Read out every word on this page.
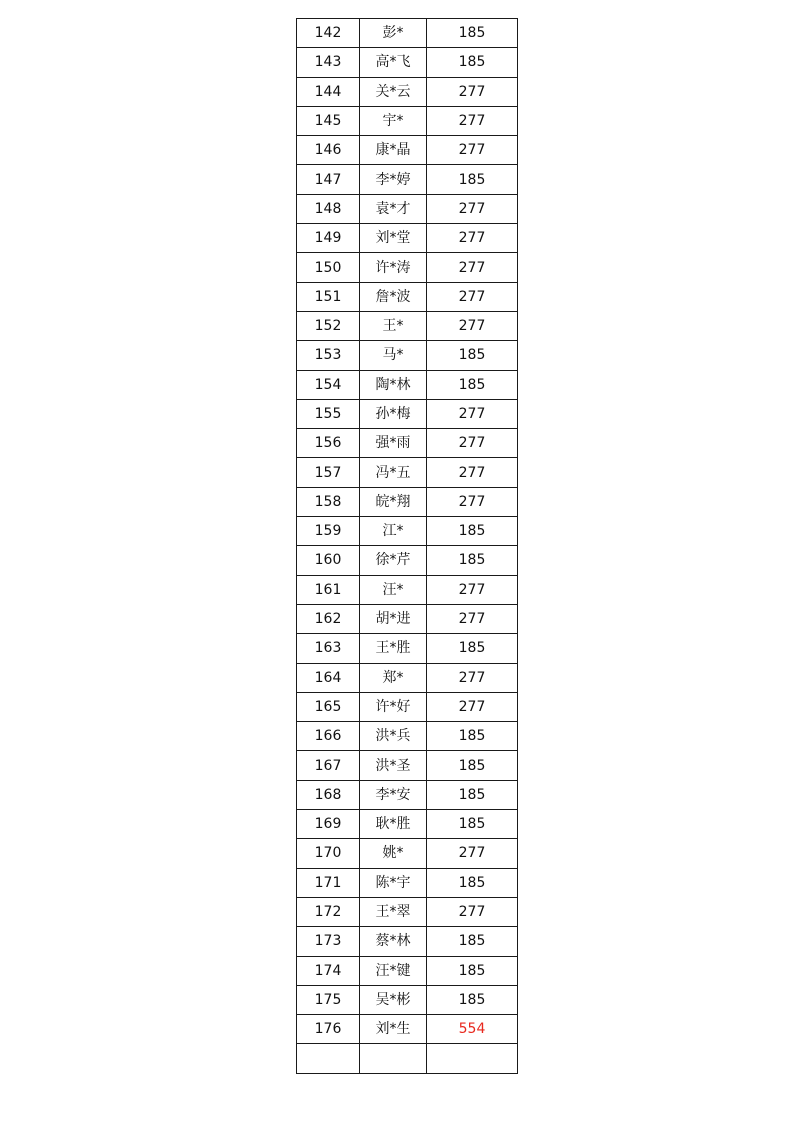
142	彭*	185
143	高*飞	185
144	关*云	277
145	宇*	277
146	康*晶	277
147	李*婷	185
148	袁*才	277
149	刘*堂	277
150	许*涛	277
151	詹*波	277
152	王*	277
153	马*	185
154	陶*林	185
155	孙*梅	277
156	强*雨	277
157	冯*五	277
158	皖*翔	277
159	江*	185
160	徐*芹	185
161	汪*	277
162	胡*进	277
163	王*胜	185
164	郑*	277
165	许*好	277
166	洪*兵	185
167	洪*圣	185
168	李*安	185
169	耿*胜	185
170	姚*	277
171	陈*宇	185
172	王*翠	277
173	蔡*林	185
174	汪*键	185
175	吴*彬	185
176	刘*生	554
